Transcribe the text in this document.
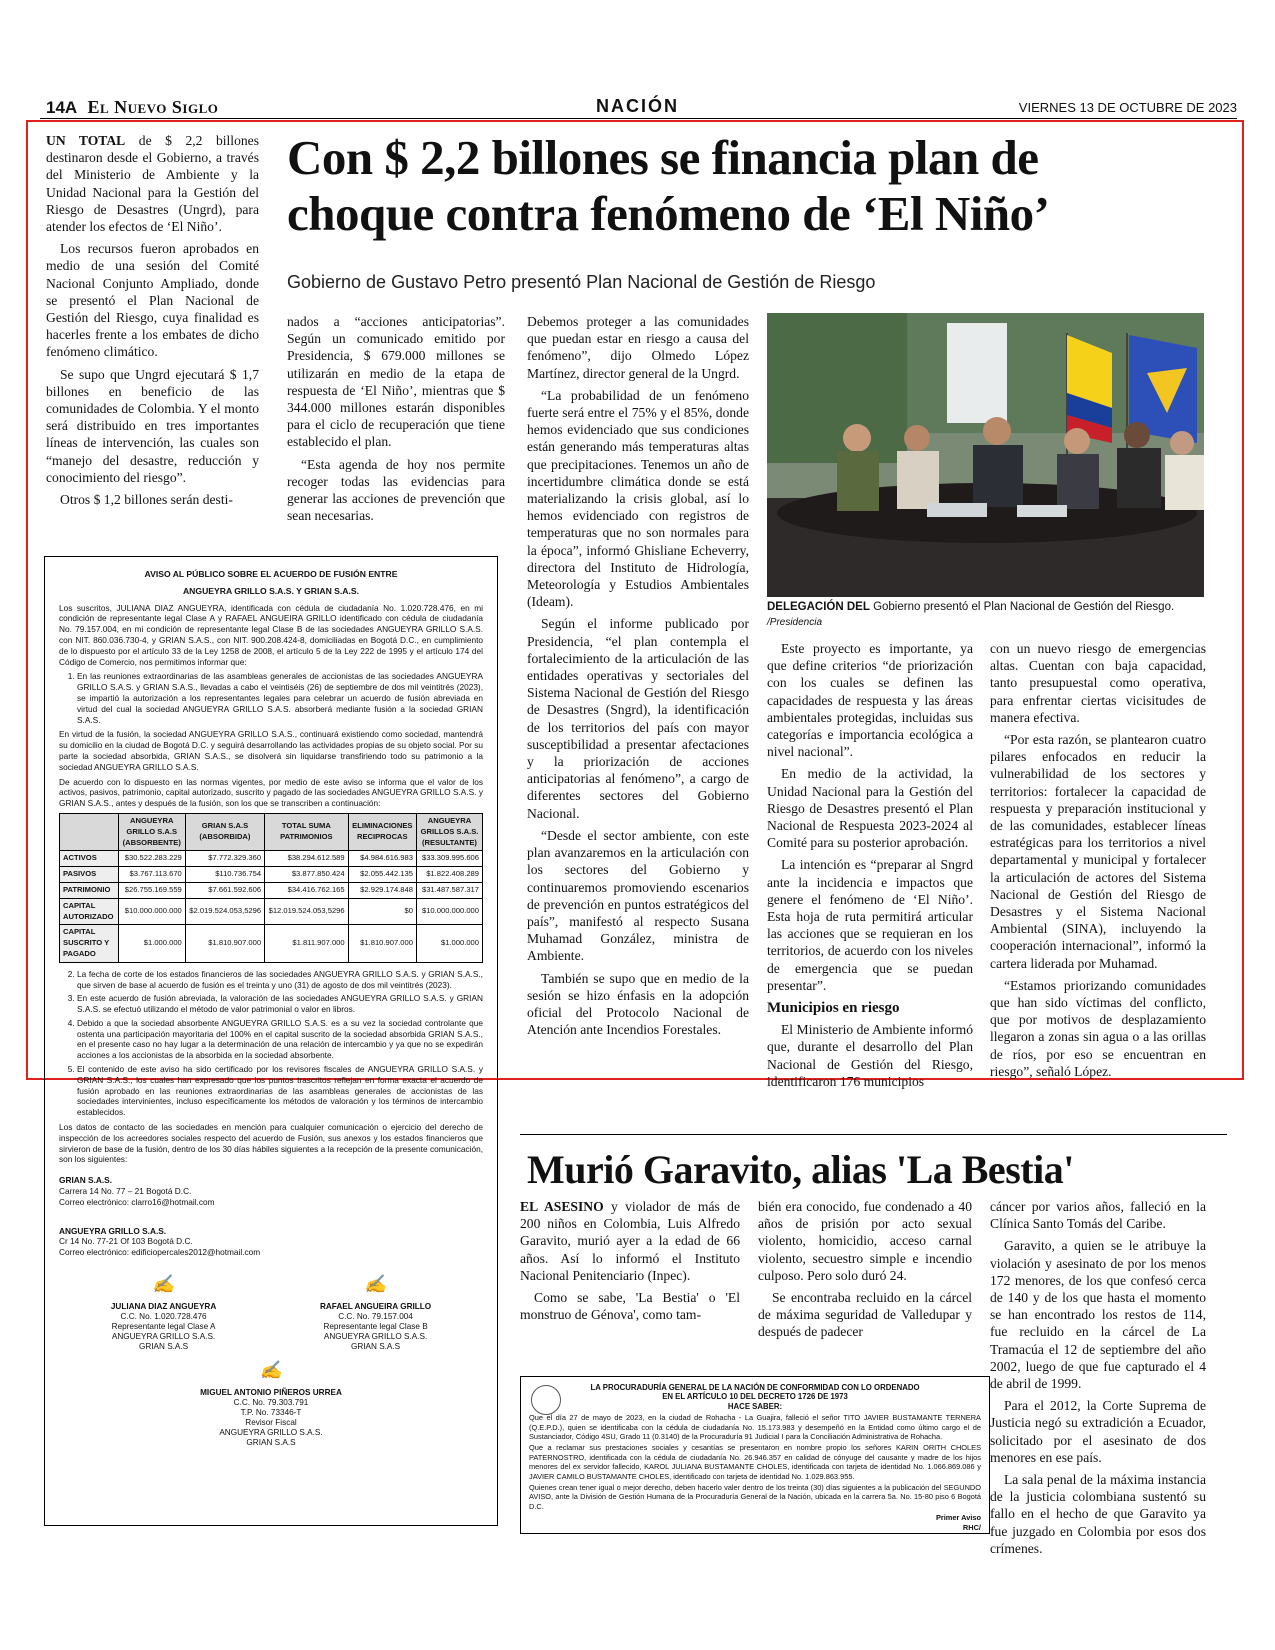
14A El Nuevo Siglo	NACIÓN	VIERNES 13 DE OCTUBRE DE 2023
Con $ 2,2 billones se financia plan de choque contra fenómeno de ‘El Niño’
Gobierno de Gustavo Petro presentó Plan Nacional de Gestión de Riesgo

UN TOTAL de $ 2,2 billones destinaron desde el Gobierno, a través del Ministerio de Ambiente y la Unidad Nacional para la Gestión del Riesgo de Desastres (Ungrd), para atender los efectos de ‘El Niño’.

Los recursos fueron aprobados en medio de una sesión del Comité Nacional Conjunto Ampliado, donde se presentó el Plan Nacional de Gestión del Riesgo, cuya finalidad es hacerles frente a los embates de dicho fenómeno climático.

Se supo que Ungrd ejecutará $ 1,7 billones en beneficio de las comunidades de Colombia. Y el monto será distribuido en tres importantes líneas de intervención, las cuales son “manejo del desastre, reducción y conocimiento del riesgo”.

Otros $ 1,2 billones serán desti-

nados a “acciones anticipatorias”. Según un comunicado emitido por Presidencia, $ 679.000 millones se utilizarán en medio de la etapa de respuesta de ‘El Niño’, mientras que $ 344.000 millones estarán disponibles para el ciclo de recuperación que tiene establecido el plan.

“Esta agenda de hoy nos permite recoger todas las evidencias para generar las acciones de prevención que sean necesarias.

Debemos proteger a las comunidades que puedan estar en riesgo a causa del fenómeno”, dijo Olmedo López Martínez, director general de la Ungrd.

“La probabilidad de un fenómeno fuerte será entre el 75% y el 85%, donde hemos evidenciado que sus condiciones están generando más temperaturas altas que precipitaciones. Tenemos un año de incertidumbre climática donde se está materializando la crisis global, así lo hemos evidenciado con registros de temperaturas que no son normales para la época”, informó Ghisliane Echeverry, directora del Instituto de Hidrología, Meteorología y Estudios Ambientales (Ideam).

Según el informe publicado por Presidencia, “el plan contempla el fortalecimiento de la articulación de las entidades operativas y sectoriales del Sistema Nacional de Gestión del Riesgo de Desastres (Sngrd), la identificación de los territorios del país con mayor susceptibilidad a presentar afectaciones y la priorización de acciones anticipatorias al fenómeno”, a cargo de diferentes sectores del Gobierno Nacional.

“Desde el sector ambiente, con este plan avanzaremos en la articulación con los sectores del Gobierno y continuaremos promoviendo escenarios de prevención en puntos estratégicos del país”, manifestó al respecto Susana Muhamad González, ministra de Ambiente.

También se supo que en medio de la sesión se hizo énfasis en la adopción oficial del Protocolo Nacional de Atención ante Incendios Forestales.

DELEGACIÓN DEL Gobierno presentó el Plan Nacional de Gestión del Riesgo.
/Presidencia

Este proyecto es importante, ya que define criterios “de priorización con los cuales se definen las capacidades de respuesta y las áreas ambientales protegidas, incluidas sus categorías e importancia ecológica a nivel nacional”.

En medio de la actividad, la Unidad Nacional para la Gestión del Riesgo de Desastres presentó el Plan Nacional de Respuesta 2023-2024 al Comité para su posterior aprobación.

La intención es “preparar al Sngrd ante la incidencia e impactos que genere el fenómeno de ‘El Niño’. Esta hoja de ruta permitirá articular las acciones que se requieran en los territorios, de acuerdo con los niveles de emergencia que se puedan presentar”.

Municipios en riesgo

El Ministerio de Ambiente informó que, durante el desarrollo del Plan Nacional de Gestión del Riesgo, identificaron 176 municipios

con un nuevo riesgo de emergencias altas. Cuentan con baja capacidad, tanto presupuestal como operativa, para enfrentar ciertas vicisitudes de manera efectiva.

“Por esta razón, se plantearon cuatro pilares enfocados en reducir la vulnerabilidad de los sectores y territorios: fortalecer la capacidad de respuesta y preparación institucional y de las comunidades, establecer líneas estratégicas para los territorios a nivel departamental y municipal y fortalecer la articulación de actores del Sistema Nacional de Gestión del Riesgo de Desastres y el Sistema Nacional Ambiental (SINA), incluyendo la cooperación internacional”, informó la cartera liderada por Muhamad.

“Estamos priorizando comunidades que han sido víctimas del conflicto, que por motivos de desplazamiento llegaron a zonas sin agua o a las orillas de ríos, por eso se encuentran en riesgo”, señaló López.

AVISO AL PÚBLICO SOBRE EL ACUERDO DE FUSIÓN ENTRE
ANGUEYRA GRILLO S.A.S. Y GRIAN S.A.S.

Los suscritos, JULIANA DIAZ ANGUEYRA, identificada con cédula de ciudadanía No. 1.020.728.476, en mi condición de representante legal Clase A y RAFAEL ANGUEIRA GRILLO identificado con cédula de ciudadanía No. 79.157.004, en mi condición de representante legal Clase B de las sociedades ANGUEYRA GRILLO S.A.S. con NIT. 860.036.730-4, y GRIAN S.A.S., con NIT. 900.208.424-8, domiciliadas en Bogotá D.C., en cumplimiento de lo dispuesto por el artículo 33 de la Ley 1258 de 2008, el artículo 5 de la Ley 222 de 1995 y el artículo 174 del Código de Comercio, nos permitimos informar que:

1. En las reuniones extraordinarias de las asambleas generales de accionistas de las sociedades ANGUEYRA GRILLO S.A.S. y GRIAN S.A.S., llevadas a cabo el veintiséis (26) de septiembre de dos mil veintitrés (2023), se impartió la autorización a los representantes legales para celebrar un acuerdo de fusión abreviada en virtud del cual la sociedad ANGUEYRA GRILLO S.A.S. absorberá mediante fusión a la sociedad GRIAN S.A.S.

En virtud de la fusión, la sociedad ANGUEYRA GRILLO S.A.S., continuará existiendo como sociedad, mantendrá su domicilio en la ciudad de Bogotá D.C. y seguirá desarrollando las actividades propias de su objeto social. Por su parte la sociedad absorbida, GRIAN S.A.S., se disolverá sin liquidarse transfiriendo todo su patrimonio a la sociedad ANGUEYRA GRILLO S.A.S.

De acuerdo con lo dispuesto en las normas vigentes, por medio de este aviso se informa que el valor de los activos, pasivos, patrimonio, capital autorizado, suscrito y pagado de las sociedades ANGUEYRA GRILLO S.A.S. y GRIAN S.A.S., antes y después de la fusión, son los que se transcriben a continuación:

	ANGUEYRA GRILLO S.A.S (ABSORBENTE)	GRIAN S.A.S (ABSORBIDA)	TOTAL SUMA PATRIMONIOS	ELIMINACIONES RECIPROCAS	ANGUEYRA GRILLOS S.A.S. (RESULTANTE)
ACTIVOS	$30.522.283.229	$7.772.329.360	$38.294.612.589	$4.984.616.983	$33.309.995.606
PASIVOS	$3.767.113.670	$110.736.754	$3.877.850.424	$2.055.442.135	$1.822.408.289
PATRIMONIO	$26.755.169.559	$7.661.592.606	$34.416.762.165	$2.929.174.848	$31.487.587.317
CAPITAL AUTORIZADO	$10.000.000.000	$2.019.524.053,5296	$12.019.524.053,5296	$0	$10.000.000.000
CAPITAL SUSCRITO Y PAGADO	$1.000.000	$1.810.907.000	$1.811.907.000	$1.810.907.000	$1.000.000
2. La fecha de corte de los estados financieros de las sociedades ANGUEYRA GRILLO S.A.S. y GRIAN S.A.S., que sirven de base al acuerdo de fusión es el treinta y uno (31) de agosto de dos mil veintitrés (2023).
3. En este acuerdo de fusión abreviada, la valoración de las sociedades ANGUEYRA GRILLO S.A.S. y GRIAN S.A.S. se efectuó utilizando el método de valor patrimonial o valor en libros.
4. Debido a que la sociedad absorbente ANGUEYRA GRILLO S.A.S. es a su vez la sociedad controlante que ostenta una participación mayoritaria del 100% en el capital suscrito de la sociedad absorbida GRIAN S.A.S., en el presente caso no hay lugar a la determinación de una relación de intercambio y ya que no se expedirán acciones a los accionistas de la absorbida en la sociedad absorbente.
5. El contenido de este aviso ha sido certificado por los revisores fiscales de ANGUEYRA GRILLO S.A.S. y GRIAN S.A.S., los cuales han expresado que los puntos trascritos reflejan en forma exacta el acuerdo de fusión aprobado en las reuniones extraordinarias de las asambleas generales de accionistas de las sociedades intervinientes, incluso específicamente los métodos de valoración y los términos de intercambio establecidos.

Los datos de contacto de las sociedades en mención para cualquier comunicación o ejercicio del derecho de inspección de los acreedores sociales respecto del acuerdo de Fusión, sus anexos y los estados financieros que sirvieron de base de la fusión, dentro de los 30 días hábiles siguientes a la recepción de la presente comunicación, son los siguientes:

GRIAN S.A.S.
Carrera 14 No. 77 – 21 Bogotá D.C.
Correo electrónico: clarro16@hotmail.com
ANGUEYRA GRILLO S.A.S.
Cr 14 No. 77-21 Of 103 Bogotá D.C.
Correo electrónico: edificiopercales2012@hotmail.com
✍
JULIANA DIAZ ANGUEYRA
C.C. No. 1.020.728.476
Representante legal Clase A
ANGUEYRA GRILLO S.A.S.
GRIAN S.A.S
✍
RAFAEL ANGUEIRA GRILLO
C.C. No. 79.157.004
Representante legal Clase B
ANGUEYRA GRILLO S.A.S.
GRIAN S.A.S
✍
MIGUEL ANTONIO PIÑEROS URREA
C.C. No. 79.303.791
T.P. No. 73346-T
Revisor Fiscal
ANGUEYRA GRILLO S.A.S.
GRIAN S.A.S
Murió Garavito, alias 'La Bestia'

EL ASESINO y violador de más de 200 niños en Colombia, Luis Alfredo Garavito, murió ayer a la edad de 66 años. Así lo informó el Instituto Nacional Penitenciario (Inpec).

Como se sabe, 'La Bestia' o 'El monstruo de Génova', como tam-

bién era conocido, fue condenado a 40 años de prisión por acto sexual violento, homicidio, acceso carnal violento, secuestro simple e incendio culposo. Pero solo duró 24.

Se encontraba recluido en la cárcel de máxima seguridad de Valledupar y después de padecer

cáncer por varios años, falleció en la Clínica Santo Tomás del Caribe.

Garavito, a quien se le atribuye la violación y asesinato de por los menos 172 menores, de los que confesó cerca de 140 y de los que hasta el momento se han encontrado los restos de 114, fue recluido en la cárcel de La Tramacúa el 12 de septiembre del año 2002, luego de que fue capturado el 4 de abril de 1999.

Para el 2012, la Corte Suprema de Justicia negó su extradición a Ecuador, solicitado por el asesinato de dos menores en ese país.

La sala penal de la máxima instancia de la justicia colombiana sustentó su fallo en el hecho de que Garavito ya fue juzgado en Colombia por esos dos crímenes.

LA PROCURADURÍA GENERAL DE LA NACIÓN DE CONFORMIDAD CON LO ORDENADO
EN EL ARTÍCULO 10 DEL DECRETO 1726 DE 1973
HACE SABER:

Que el día 27 de mayo de 2023, en la ciudad de Rohacha - La Guajira, falleció el señor TITO JAVIER BUSTAMANTE TERNERA (Q.E.P.D.), quien se identificaba con la cédula de ciudadanía No. 15.173.983 y desempeñó en la Entidad como último cargo el de Sustanciador, Código 4SU, Grado 11 (0.3140) de la Procuraduría 91 Judicial I para la Conciliación Administrativa de Rohacha.

Que a reclamar sus prestaciones sociales y cesantías se presentaron en nombre propio los señores KARIN ORITH CHOLES PATERNOSTRO, identificada con la cédula de ciudadanía No. 26.946.357 en calidad de cónyuge del causante y madre de los hijos menores del ex servidor fallecido, KAROL JULIANA BUSTAMANTE CHOLES, identificada con tarjeta de identidad No. 1.066.869.086 y JAVIER CAMILO BUSTAMANTE CHOLES, identificado con tarjeta de identidad No. 1.029.863.955.

Quienes crean tener igual o mejor derecho, deben hacerlo valer dentro de los treinta (30) días siguientes a la publicación del SEGUNDO AVISO, ante la División de Gestión Humana de la Procuraduría General de la Nación, ubicada en la carrera 5a. No. 15-80 piso 6 Bogotá D.C.

Primer Aviso
RHC/
